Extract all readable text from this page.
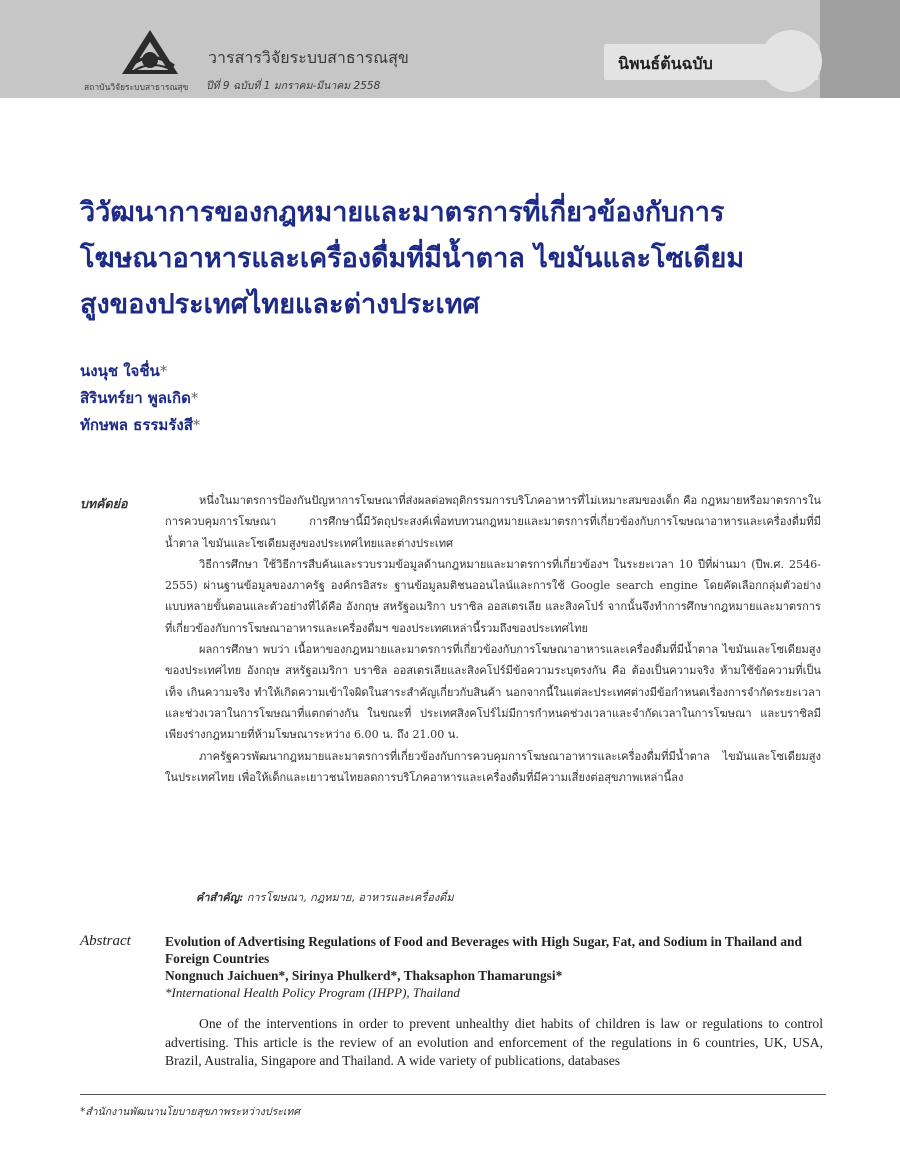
นิพนธ์ต้นฉบับ
วารสารวิจัยระบบสาธารณสุข
สถาบันวิจัยระบบสาธารณสุข ปีที่ 9 ฉบับที่ 1 มกราคม-มีนาคม 2558
วิวัฒนาการของกฎหมายและมาตรการที่เกี่ยวข้องกับการ
โฆษณาอาหารและเครื่องดื่มที่มีน้ำตาล ไขมันและโซเดียม
สูงของประเทศไทยและต่างประเทศ
นงนุช ใจชื่น*
สิรินทร์ยา พูลเกิด*
ทักษพล ธรรมรังสี*
บทคัดย่อ	หนึ่งในมาตรการป้องกันปัญหาการโฆษณาที่ส่งผลต่อพฤติกรรมการบริโภคอาหารที่ไม่เหมาะสมของเด็ก คือ กฎหมายหรือมาตรการในการควบคุมการโฆษณา การศึกษานี้มีวัตถุประสงค์เพื่อทบทวนกฎหมายและมาตรการที่เกี่ยวข้องกับการโฆษณาอาหารและเครื่องดื่มที่มีน้ำตาล ไขมันและโซเดียมสูงของประเทศไทยและต่างประเทศ

วิธีการศึกษา ใช้วิธีการสืบค้นและรวบรวมข้อมูลด้านกฎหมายและมาตรการที่เกี่ยวข้องฯ ในระยะเวลา 10 ปีที่ผ่านมา (ปีพ.ศ. 2546-2555) ผ่านฐานข้อมูลของภาครัฐ องค์กรอิสระ ฐานข้อมูลมติชนออนไลน์และการใช้ Google search engine โดยคัดเลือกกลุ่มตัวอย่างแบบหลายขั้นตอนและตัวอย่างที่ได้คือ อังกฤษ สหรัฐอเมริกา บราซิล ออสเตรเลีย และสิงคโปร์ จากนั้นจึงทำการศึกษากฎหมายและมาตรการที่เกี่ยวข้องกับการโฆษณาอาหารและเครื่องดื่มฯ ของประเทศเหล่านี้รวมถึงของประเทศไทย

ผลการศึกษา พบว่า เนื้อหาของกฎหมายและมาตรการที่เกี่ยวข้องกับการโฆษณาอาหารและเครื่องดื่มที่มีน้ำตาล ไขมันและโซเดียมสูงของประเทศไทย อังกฤษ สหรัฐอเมริกา บราซิล ออสเตรเลียและสิงคโปร์มีข้อความระบุตรงกัน คือ ต้องเป็นความจริง ห้ามใช้ข้อความที่เป็นเท็จ เกินความจริง ทำให้เกิดความเข้าใจผิดในสาระสำคัญเกี่ยวกับสินค้า นอกจากนี้ในแต่ละประเทศต่างมีข้อกำหนดเรื่องการจำกัดระยะเวลาและช่วงเวลาในการโฆษณาที่แตกต่างกัน ในขณะที่ ประเทศสิงคโปร์ไม่มีการกำหนดช่วงเวลาและจำกัดเวลาในการโฆษณา และบราซิลมีเพียงร่างกฎหมายที่ห้ามโฆษณาระหว่าง 6.00 น. ถึง 21.00 น.

ภาครัฐควรพัฒนากฎหมายและมาตรการที่เกี่ยวข้องกับการควบคุมการโฆษณาอาหารและเครื่องดื่มที่มีน้ำตาล ไขมันและโซเดียมสูงในประเทศไทย เพื่อให้เด็กและเยาวชนไทยลดการบริโภคอาหารและเครื่องดื่มที่มีความเสี่ยงต่อสุขภาพเหล่านี้ลง

คำสำคัญ: การโฆษณา, กฎหมาย, อาหารและเครื่องดื่ม
Abstract	Evolution of Advertising Regulations of Food and Beverages with High Sugar, Fat, and Sodium in Thailand and Foreign Countries

Nongnuch Jaichuen*, Sirinya Phulkerd*, Thaksaphon Thamarungsi*

*International Health Policy Program (IHPP), Thailand

One of the interventions in order to prevent unhealthy diet habits of children is law or regulations to control advertising. This article is the review of an evolution and enforcement of the regulations in 6 countries, UK, USA, Brazil, Australia, Singapore and Thailand. A wide variety of publications, databases

*สำนักงานพัฒนานโยบายสุขภาพระหว่างประเทศ
